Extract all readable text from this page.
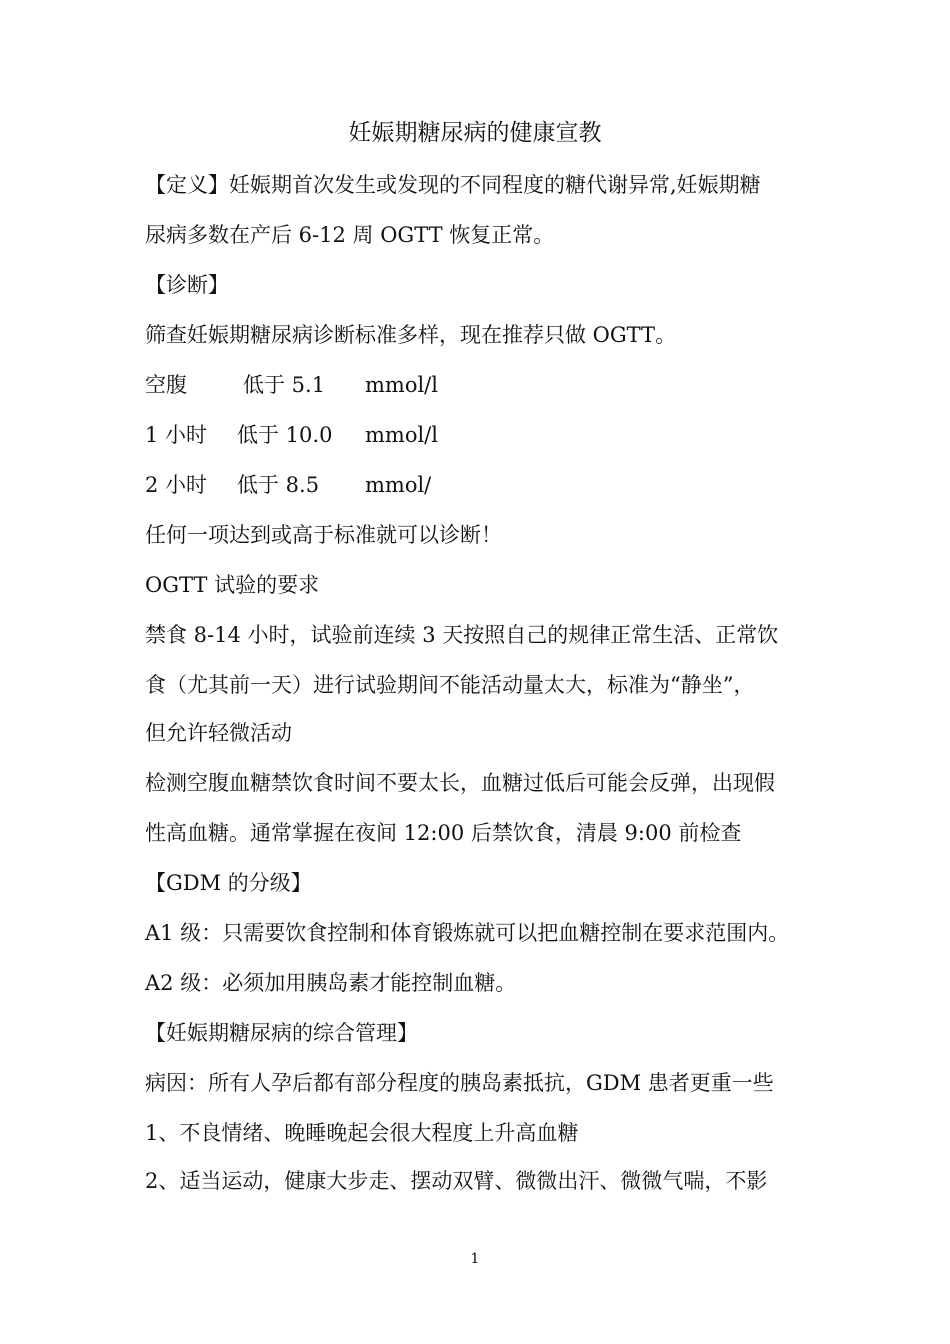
妊娠期糖尿病的健康宣教
【定义】妊娠期首次发生或发现的不同程度的糖代谢异常,妊娠期糖
尿病多数在产后 6-12 周 OGTT 恢复正常。
【诊断】
筛查妊娠期糖尿病诊断标准多样，现在推荐只做 OGTT。
空腹	低于 5.1 mmol/l
1 小时 低于 10.0 mmol/l
2 小时 低于 8.5 mmol/
任何一项达到或高于标准就可以诊断！
OGTT 试验的要求
禁食 8-14 小时，试验前连续 3 天按照自己的规律正常生活、正常饮
食（尤其前一天）进行试验期间不能活动量太大，标准为“静坐”，
但允许轻微活动
检测空腹血糖禁饮食时间不要太长，血糖过低后可能会反弹，出现假
性高血糖。通常掌握在夜间 12:00 后禁饮食，清晨 9:00 前检查
【GDM 的分级】
A1 级：只需要饮食控制和体育锻炼就可以把血糖控制在要求范围内。
A2 级：必须加用胰岛素才能控制血糖。
【妊娠期糖尿病的综合管理】
病因：所有人孕后都有部分程度的胰岛素抵抗，GDM 患者更重一些
1、不良情绪、晚睡晚起会很大程度上升高血糖
2、适当运动，健康大步走、摆动双臂、微微出汗、微微气喘，不影
1
